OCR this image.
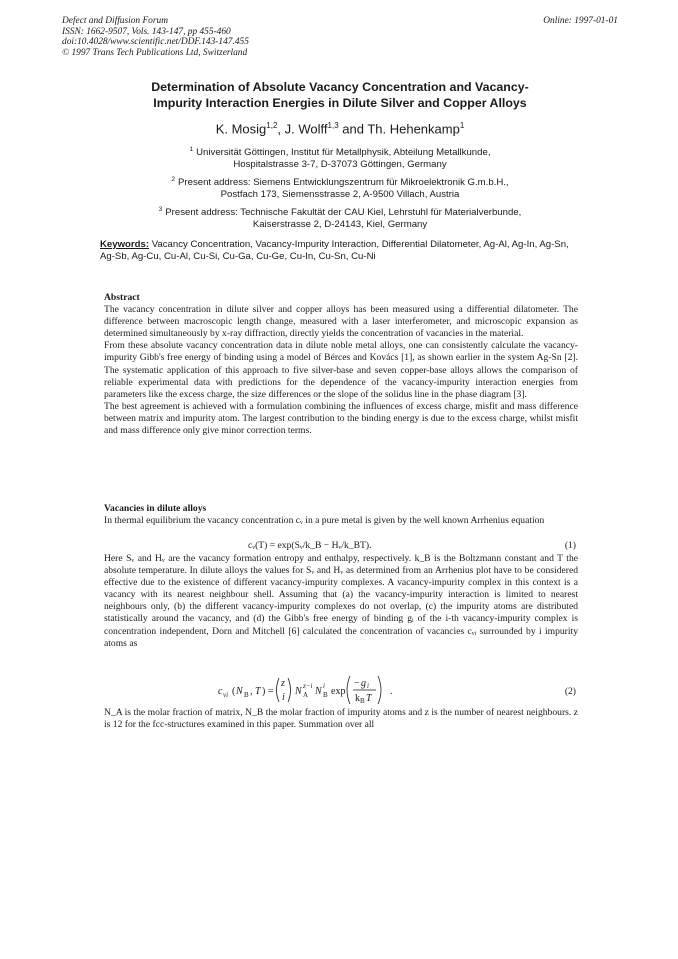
Defect and Diffusion Forum
ISSN: 1662-9507, Vols. 143-147, pp 455-460
doi:10.4028/www.scientific.net/DDF.143-147.455
© 1997 Trans Tech Publications Ltd, Switzerland
Online: 1997-01-01
Determination of Absolute Vacancy Concentration and Vacancy-
Impurity Interaction Energies in Dilute Silver and Copper Alloys
K. Mosig$^{1,2}$, J. Wolff$^{1,3}$ and Th. Hehenkamp$^1$
$^1$ Universität Göttingen, Institut für Metallphysik, Abteilung Metallkunde,
Hospitalstrasse 3-7, D-37073 Göttingen, Germany
$^2$ Present address: Siemens Entwicklungszentrum für Mikroelektronik G.m.b.H.,
Postfach 173, Siemensstrasse 2, A-9500 Villach, Austria
$^3$ Present address: Technische Fakultät der CAU Kiel, Lehrstuhl für Materialverbunde,
Kaiserstrasse 2, D-24143, Kiel, Germany
Keywords: Vacancy Concentration, Vacancy-Impurity Interaction, Differential Dilatometer, Ag-Al, Ag-In, Ag-Sn, Ag-Sb, Ag-Cu, Cu-Al, Cu-Si, Cu-Ga, Cu-Ge, Cu-In, Cu-Sn, Cu-Ni

Abstract

The vacancy concentration in dilute silver and copper alloys has been measured using a differential dilatometer. The difference between macroscopic length change, measured with a laser interferometer, and microscopic expansion as determined simultaneously by x-ray diffraction, directly yields the concentration of vacancies in the material.

From these absolute vacancy concentration data in dilute noble metal alloys, one can consistently calculate the vacancy-impurity Gibb's free energy of binding using a model of Bérces and Kovács [1], as shown earlier in the system Ag-Sn [2]. The systematic application of this approach to five silver-base and seven copper-base alloys allows the comparison of reliable experimental data with predictions for the dependence of the vacancy-impurity interaction energies from parameters like the excess charge, the size differences or the slope of the solidus line in the phase diagram [3].

The best agreement is achieved with a formulation combining the influences of excess charge, misfit and mass difference between matrix and impurity atom. The largest contribution to the binding energy is due to the excess charge, whilst misfit and mass difference only give minor correction terms.

Vacancies in dilute alloys

In thermal equilibrium the vacancy concentration cᵥ in a pure metal is given by the well known Arrhenius equation

cᵥ(T) = exp(Sᵥ/k_B − Hᵥ/k_BT).	(1)

Here Sᵥ and Hᵥ are the vacancy formation entropy and enthalpy, respectively. k_B is the Boltzmann constant and T the absolute temperature. In dilute alloys the values for Sᵥ and Hᵥ as determined from an Arrhenius plot have to be considered effective due to the existence of different vacancy-impurity complexes. A vacancy-impurity complex in this context is a vacancy with its nearest neighbour shell. Assuming that (a) the vacancy-impurity interaction is limited to nearest neighbours only, (b) the different vacancy-impurity complexes do not overlap, (c) the impurity atoms are distributed statistically around the vacancy, and (d) the Gibb's free energy of binding gᵢ of the i-th vacancy-impurity complex is concentration independent, Dorn and Mitchell [6] calculated the concentration of vacancies cᵥᵢ surrounded by i impurity atoms as

c vi ( N B , T ) =
z
i
N z−i
A N i
B exp
− g i
k B T
.	(2)

N_A is the molar fraction of matrix, N_B the molar fraction of impurity atoms and z is the number of nearest neighbours. z is 12 for the fcc-structures examined in this paper. Summation over all
